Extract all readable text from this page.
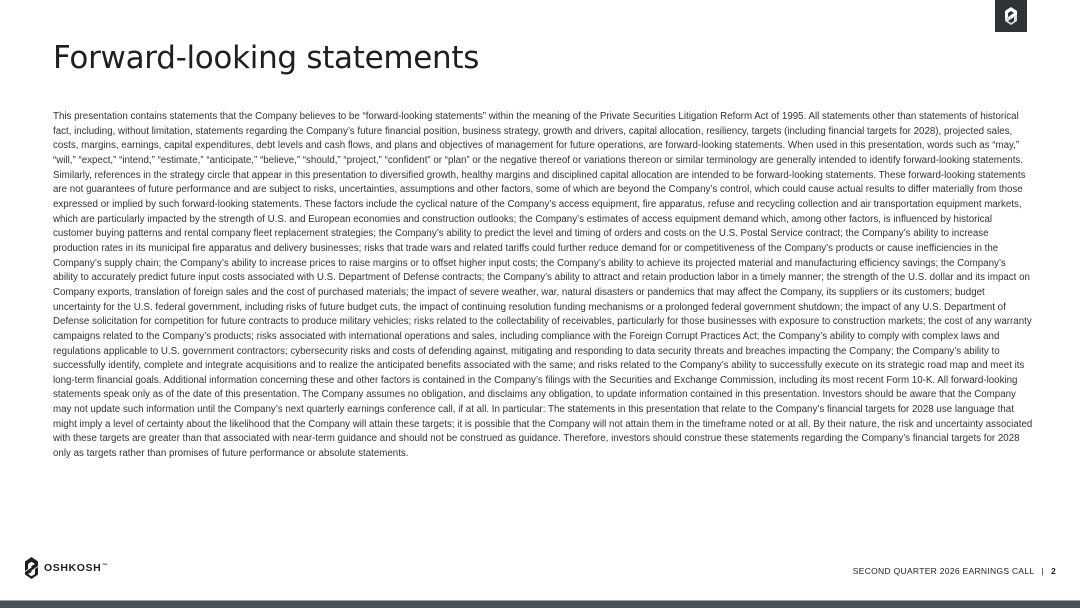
Forward-looking statements

This presentation contains statements that the Company believes to be “forward-looking statements” within the meaning of the Private Securities Litigation Reform Act of 1995. All statements other than statements of historical fact, including, without limitation, statements regarding the Company’s future financial position, business strategy, growth and drivers, capital allocation, resiliency, targets (including financial targets for 2028), projected sales, costs, margins, earnings, capital expenditures, debt levels and cash flows, and plans and objectives of management for future operations, are forward-looking statements. When used in this presentation, words such as “may,” “will,” “expect,” “intend,” “estimate,” “anticipate,” “believe,” “should,” “project,” “confident” or “plan” or the negative thereof or variations thereon or similar terminology are generally intended to identify forward-looking statements. Similarly, references in the strategy circle that appear in this presentation to diversified growth, healthy margins and disciplined capital allocation are intended to be forward-looking statements. These forward-looking statements are not guarantees of future performance and are subject to risks, uncertainties, assumptions and other factors, some of which are beyond the Company’s control, which could cause actual results to differ materially from those expressed or implied by such forward-looking statements. These factors include the cyclical nature of the Company’s access equipment, fire apparatus, refuse and recycling collection and air transportation equipment markets, which are particularly impacted by the strength of U.S. and European economies and construction outlooks; the Company’s estimates of access equipment demand which, among other factors, is influenced by historical customer buying patterns and rental company fleet replacement strategies; the Company’s ability to predict the level and timing of orders and costs on the U.S. Postal Service contract; the Company’s ability to increase production rates in its municipal fire apparatus and delivery businesses; risks that trade wars and related tariffs could further reduce demand for or competitiveness of the Company’s products or cause inefficiencies in the Company’s supply chain; the Company’s ability to increase prices to raise margins or to offset higher input costs; the Company’s ability to achieve its projected material and manufacturing efficiency savings; the Company’s ability to accurately predict future input costs associated with U.S. Department of Defense contracts; the Company’s ability to attract and retain production labor in a timely manner; the strength of the U.S. dollar and its impact on Company exports, translation of foreign sales and the cost of purchased materials; the impact of severe weather, war, natural disasters or pandemics that may affect the Company, its suppliers or its customers; budget uncertainty for the U.S. federal government, including risks of future budget cuts, the impact of continuing resolution funding mechanisms or a prolonged federal government shutdown; the impact of any U.S. Department of Defense solicitation for competition for future contracts to produce military vehicles; risks related to the collectability of receivables, particularly for those businesses with exposure to construction markets; the cost of any warranty campaigns related to the Company’s products; risks associated with international operations and sales, including compliance with the Foreign Corrupt Practices Act; the Company’s ability to comply with complex laws and regulations applicable to U.S. government contractors; cybersecurity risks and costs of defending against, mitigating and responding to data security threats and breaches impacting the Company; the Company’s ability to successfully identify, complete and integrate acquisitions and to realize the anticipated benefits associated with the same; and risks related to the Company’s ability to successfully execute on its strategic road map and meet its long-term financial goals. Additional information concerning these and other factors is contained in the Company’s filings with the Securities and Exchange Commission, including its most recent Form 10-K. All forward-looking statements speak only as of the date of this presentation. The Company assumes no obligation, and disclaims any obligation, to update information contained in this presentation. Investors should be aware that the Company may not update such information until the Company’s next quarterly earnings conference call, if at all. In particular: The statements in this presentation that relate to the Company’s financial targets for 2028 use language that might imply a level of certainty about the likelihood that the Company will attain these targets; it is possible that the Company will not attain them in the timeframe noted or at all. By their nature, the risk and uncertainty associated with these targets are greater than that associated with near-term guidance and should not be construed as guidance. Therefore, investors should construe these statements regarding the Company’s financial targets for 2028 only as targets rather than promises of future performance or absolute statements.

OSHKOSH™
SECOND QUARTER 2026 EARNINGS CALL | 2
